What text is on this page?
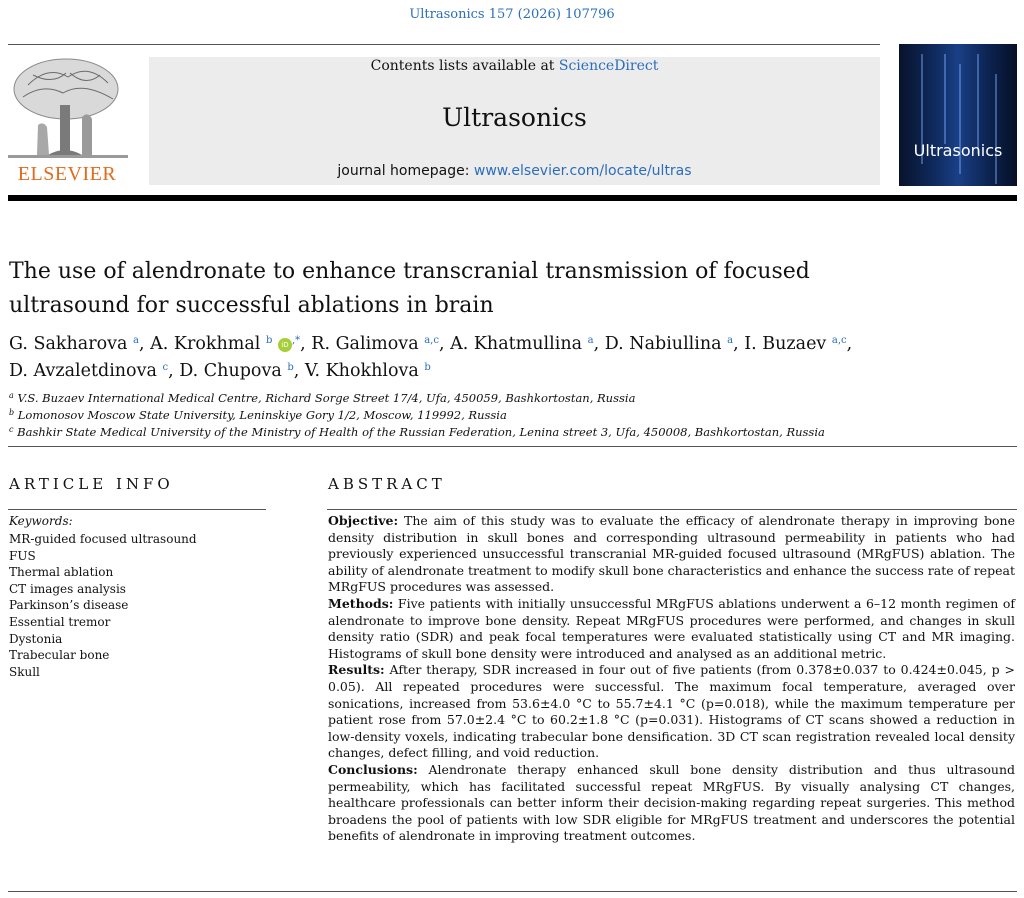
Ultrasonics 157 (2026) 107796
ELSEVIER
Contents lists available at ScienceDirect
Ultrasonics
journal homepage: www.elsevier.com/locate/ultras
Ultrasonics
The use of alendronate to enhance transcranial transmission of focused ultrasound for successful ablations in brain
G. Sakharova $^a$, A. Krokhmal $^b$ iD ,*, R. Galimova $^{a,c}$, A. Khatmullina $^a$, D. Nabiullina $^a$, I. Buzaev $^{a,c}$,
D. Avzaletdinova $^c$, D. Chupova $^b$, V. Khokhlova $^b$
$^a$ V.S. Buzaev International Medical Centre, Richard Sorge Street 17/4, Ufa, 450059, Bashkortostan, Russia
$^b$ Lomonosov Moscow State University, Leninskiye Gory 1/2, Moscow, 119992, Russia
$^c$ Bashkir State Medical University of the Ministry of Health of the Russian Federation, Lenina street 3, Ufa, 450008, Bashkortostan, Russia
ARTICLE INFO
Keywords:
MR-guided focused ultrasound
FUS
Thermal ablation
CT images analysis
Parkinson’s disease
Essential tremor
Dystonia
Trabecular bone
Skull
ABSTRACT

Objective: The aim of this study was to evaluate the efficacy of alendronate therapy in improving bone density distribution in skull bones and corresponding ultrasound permeability in patients who had previously experienced unsuccessful transcranial MR-guided focused ultrasound (MRgFUS) ablation. The ability of alendronate treatment to modify skull bone characteristics and enhance the success rate of repeat MRgFUS procedures was assessed.

Methods: Five patients with initially unsuccessful MRgFUS ablations underwent a 6–12 month regimen of alendronate to improve bone density. Repeat MRgFUS procedures were performed, and changes in skull density ratio (SDR) and peak focal temperatures were evaluated statistically using CT and MR imaging. Histograms of skull bone density were introduced and analysed as an additional metric.

Results: After therapy, SDR increased in four out of five patients (from 0.378±0.037 to 0.424±0.045, p > 0.05). All repeated procedures were successful. The maximum focal temperature, averaged over sonications, increased from 53.6±4.0 °C to 55.7±4.1 °C (p=0.018), while the maximum temperature per patient rose from 57.0±2.4 °C to 60.2±1.8 °C (p=0.031). Histograms of CT scans showed a reduction in low-density voxels, indicating trabecular bone densification. 3D CT scan registration revealed local density changes, defect filling, and void reduction.

Conclusions: Alendronate therapy enhanced skull bone density distribution and thus ultrasound permeability, which has facilitated successful repeat MRgFUS. By visually analysing CT changes, healthcare professionals can better inform their decision-making regarding repeat surgeries. This method broadens the pool of patients with low SDR eligible for MRgFUS treatment and underscores the potential benefits of alendronate in improving treatment outcomes.
